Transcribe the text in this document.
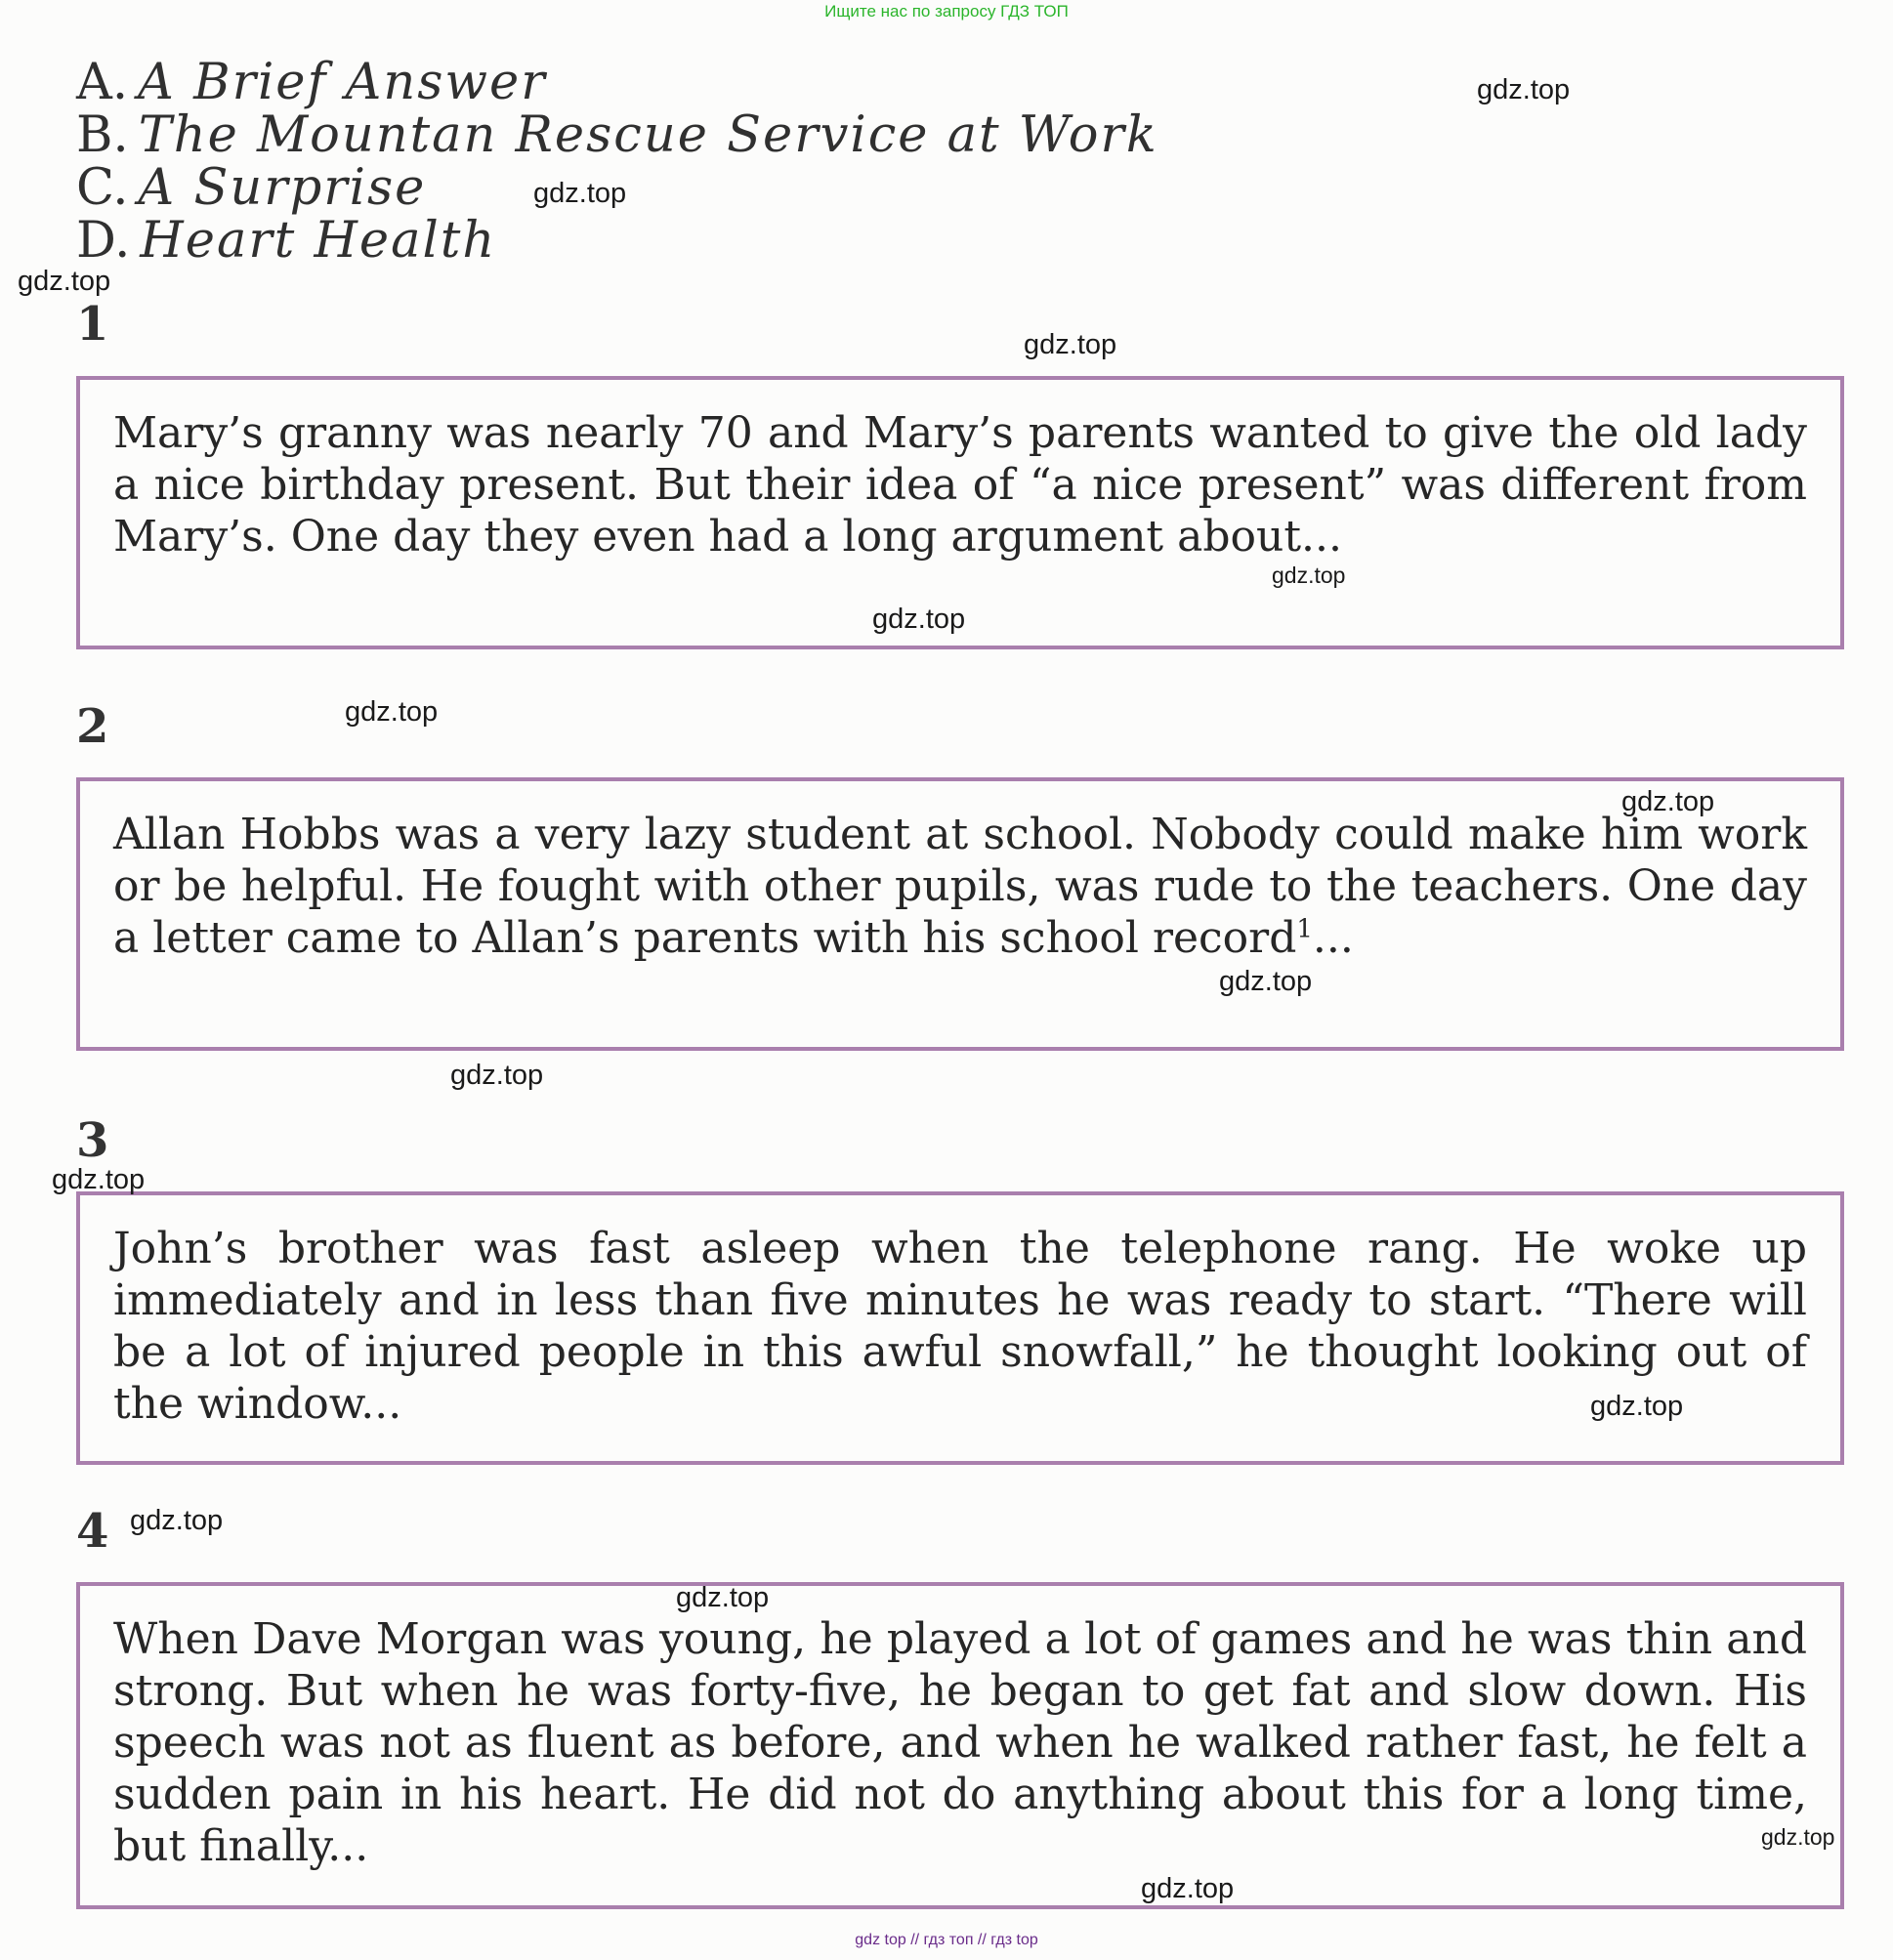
Ищите нас по запросу ГДЗ ТОП
A. A Brief Answer
B. The Mountan Rescue Service at Work
C. A Surprise
D. Heart Health
1

Mary’s granny was nearly 70 and Mary’s parents wanted to give the old lady a nice birthday present. But their idea of “a nice present” was different from Mary’s. One day they even had a long argument about...

2

Allan Hobbs was a very lazy student at school. Nobody could make him work or be helpful. He fought with other pupils, was rude to the teachers. One day a letter came to Allan’s parents with his school record$^1$...

3

John’s brother was fast asleep when the telephone rang. He woke up immediately and in less than five minutes he was ready to start. “There will be a lot of injured people in this awful snowfall,” he thought looking out of the window...

4

When Dave Morgan was young, he played a lot of games and he was thin and strong. But when he was forty-five, he began to get fat and slow down. His speech was not as fluent as before, and when he walked rather fast, he felt a sudden pain in his heart. He did not do anything about this for a long time, but finally...

gdz.top
gdz.top
gdz.top
gdz.top
gdz.top
gdz.top
gdz.top
gdz.top
gdz.top
gdz.top
gdz.top
gdz.top
gdz.top
gdz.top
gdz.top
gdz.top
gdz top // гдз топ // гдз top
